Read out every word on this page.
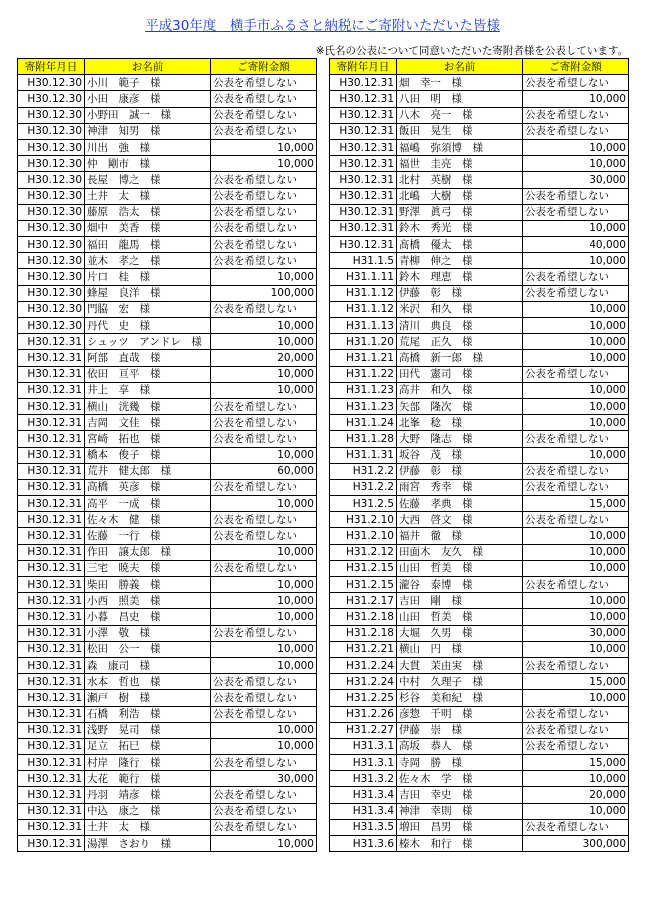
平成30年度　横手市ふるさと納税にご寄附いただいた皆様
※氏名の公表について同意いただいた寄附者様を公表しています。
寄附年月日	お名前	ご寄附金額
H30.12.30	小川　範子　様	公表を希望しない
H30.12.30	小田　康彦　様	公表を希望しない
H30.12.30	小野田　誠一　様	公表を希望しない
H30.12.30	神津　知男　様	公表を希望しない
H30.12.30	川出　強　様	10,000
H30.12.30	仲　剛市　様	10,000
H30.12.30	長屋　博之　様	公表を希望しない
H30.12.30	土井　太　様	公表を希望しない
H30.12.30	藤原　浩太　様	公表を希望しない
H30.12.30	畑中　美香　様	公表を希望しない
H30.12.30	福田　龍馬　様	公表を希望しない
H30.12.30	並木　孝之　様	公表を希望しない
H30.12.30	片口　桂　様	10,000
H30.12.30	蜂屋　良洋　様	100,000
H30.12.30	門脇　宏　様	公表を希望しない
H30.12.30	丹代　史　様	10,000
H30.12.31	シュッツ　アンドレ　様	10,000
H30.12.31	阿部　直哉　様	20,000
H30.12.31	依田　亘平　様	10,000
H30.12.31	井上　享　様	10,000
H30.12.31	横山　洸幾　様	公表を希望しない
H30.12.31	吉岡　文佳　様	公表を希望しない
H30.12.31	宮崎　拓也　様	公表を希望しない
H30.12.31	橋本　俊子　様	10,000
H30.12.31	荒井　健太郎　様	60,000
H30.12.31	高橋　英彦　様	公表を希望しない
H30.12.31	高平　一成　様	10,000
H30.12.31	佐々木　健　様	公表を希望しない
H30.12.31	佐藤　一行　様	公表を希望しない
H30.12.31	作田　譲太郎　様	10,000
H30.12.31	三宅　暁夫　様	公表を希望しない
H30.12.31	柴田　勝義　様	10,000
H30.12.31	小西　照美　様	10,000
H30.12.31	小暮　昌史　様	10,000
H30.12.31	小澤　敬　様	公表を希望しない
H30.12.31	松田　公一　様	10,000
H30.12.31	森　康司　様	10,000
H30.12.31	水本　哲也　様	公表を希望しない
H30.12.31	瀬戸　樹　様	公表を希望しない
H30.12.31	石橋　利浩　様	公表を希望しない
H30.12.31	浅野　晃司　様	10,000
H30.12.31	足立　拓巳　様	10,000
H30.12.31	村岸　隆行　様	公表を希望しない
H30.12.31	大花　範行　様	30,000
H30.12.31	丹羽　靖彦　様	公表を希望しない
H30.12.31	中込　康之　様	公表を希望しない
H30.12.31	土井　太　様	公表を希望しない
H30.12.31	湯澤　さおり　様	10,000
寄附年月日	お名前	ご寄附金額
H30.12.31	畑　幸一　様	公表を希望しない
H30.12.31	八田　明　様	10,000
H30.12.31	八木　亮一　様	公表を希望しない
H30.12.31	飯田　晃生　様	公表を希望しない
H30.12.31	福嶋　弥須博　様	10,000
H30.12.31	福世　圭亮　様	10,000
H30.12.31	北村　英樹　様	30,000
H30.12.31	北嶋　大樹　様	公表を希望しない
H30.12.31	野澤　眞弓　様	公表を希望しない
H30.12.31	鈴木　秀光　様	10,000
H30.12.31	髙橋　優太　様	40,000
H31.1.5	青柳　伸之　様	10,000
H31.1.11	鈴木　理恵　様	公表を希望しない
H31.1.12	伊藤　彰　様	公表を希望しない
H31.1.12	米沢　和久　様	10,000
H31.1.13	清川　典良　様	10,000
H31.1.20	荒尾　正久　様	10,000
H31.1.21	高橋　新一郎　様	10,000
H31.1.22	田代　憲司　様	公表を希望しない
H31.1.23	高井　和久　様	10,000
H31.1.23	矢部　隆次　様	10,000
H31.1.24	北峯　稔　様	10,000
H31.1.28	大野　隆志　様	公表を希望しない
H31.1.31	坂谷　茂　様	10,000
H31.2.2	伊藤　彰　様	公表を希望しない
H31.2.2	雨宮　秀幸　様	公表を希望しない
H31.2.5	佐藤　孝典　様	15,000
H31.2.10	大西　啓文　様	公表を希望しない
H31.2.10	福井　徹　様	10,000
H31.2.12	田面木　友久　様	10,000
H31.2.15	山田　哲美　様	10,000
H31.2.15	瀧谷　泰博　様	公表を希望しない
H31.2.17	吉田　剛　様	10,000
H31.2.18	山田　哲美　様	10,000
H31.2.18	大堀　久男　様	30,000
H31.2.21	横山　円　様	10,000
H31.2.24	大貫　茉由実　様	公表を希望しない
H31.2.24	中村　久理子　様	15,000
H31.2.25	杉谷　美和紀　様	10,000
H31.2.26	彦惣　千明　様	公表を希望しない
H31.2.27	伊藤　崇　様	公表を希望しない
H31.3.1	高坂　恭人　様	公表を希望しない
H31.3.1	寺岡　勝　様	15,000
H31.3.2	佐々木　学　様	10,000
H31.3.4	吉田　幸史　様	20,000
H31.3.4	神津　幸則　様	10,000
H31.3.5	増田　昌男　様	公表を希望しない
H31.3.6	榛木　和行　様	300,000
